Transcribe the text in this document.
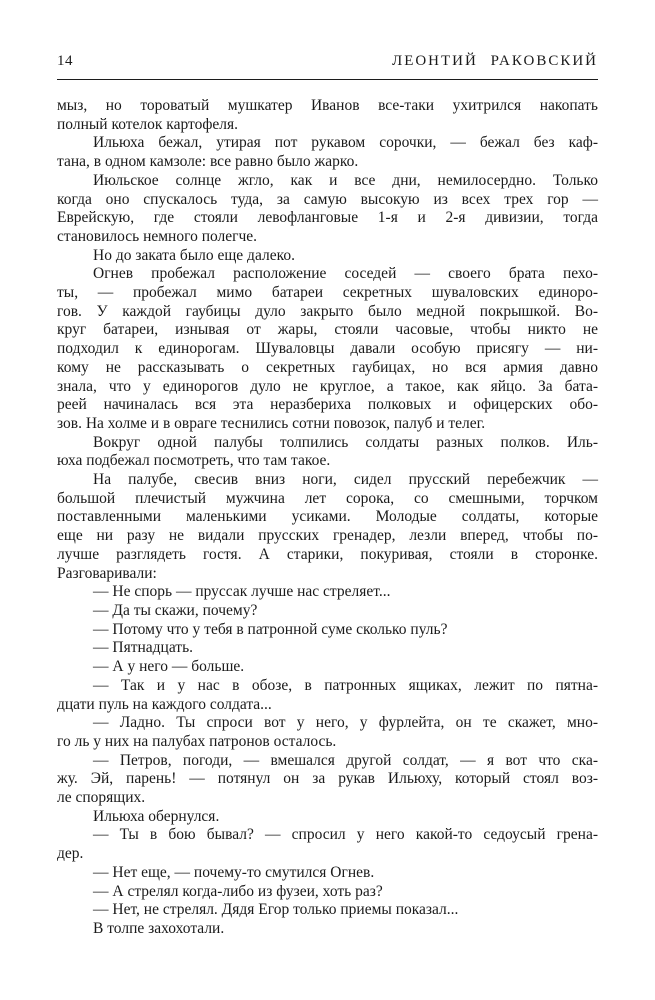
14	ЛЕОНТИЙ РАКОВСКИЙ
мыз, но тороватый мушкатер Иванов все-таки ухитрился накопать
полный котелок картофеля.
Ильюха бежал, утирая пот рукавом сорочки, — бежал без каф-
тана, в одном камзоле: все равно было жарко.
Июльское солнце жгло, как и все дни, немилосердно. Только
когда оно спускалось туда, за самую высокую из всех трех гор —
Еврейскую, где стояли левофланговые 1-я и 2-я дивизии, тогда
становилось немного полегче.
Но до заката было еще далеко.
Огнев пробежал расположение соседей — своего брата пехо-
ты, — пробежал мимо батареи секретных шуваловских единоро-
гов. У каждой гаубицы дуло закрыто было медной покрышкой. Во-
круг батареи, изнывая от жары, стояли часовые, чтобы никто не
подходил к единорогам. Шуваловцы давали особую присягу — ни-
кому не рассказывать о секретных гаубицах, но вся армия давно
знала, что у единорогов дуло не круглое, а такое, как яйцо. За бата-
реей начиналась вся эта неразбериха полковых и офицерских обо-
зов. На холме и в овраге теснились сотни повозок, палуб и телег.
Вокруг одной палубы толпились солдаты разных полков. Иль-
юха подбежал посмотреть, что там такое.
На палубе, свесив вниз ноги, сидел прусский перебежчик —
большой плечистый мужчина лет сорока, со смешными, торчком
поставленными маленькими усиками. Молодые солдаты, которые
еще ни разу не видали прусских гренадер, лезли вперед, чтобы по-
лучше разглядеть гостя. А старики, покуривая, стояли в сторонке.
Разговаривали:
— Не спорь — пруссак лучше нас стреляет...
— Да ты скажи, почему?
— Потому что у тебя в патронной суме сколько пуль?
— Пятнадцать.
— А у него — больше.
— Так и у нас в обозе, в патронных ящиках, лежит по пятна-
дцати пуль на каждого солдата...
— Ладно. Ты спроси вот у него, у фурлейта, он те скажет, мно-
го ль у них на палубах патронов осталось.
— Петров, погоди, — вмешался другой солдат, — я вот что ска-
жу. Эй, парень! — потянул он за рукав Ильюху, который стоял воз-
ле спорящих.
Ильюха обернулся.
— Ты в бою бывал? — спросил у него какой-то седоусый грена-
дер.
— Нет еще, — почему-то смутился Огнев.
— А стрелял когда-либо из фузеи, хоть раз?
— Нет, не стрелял. Дядя Егор только приемы показал...
В толпе захохотали.
